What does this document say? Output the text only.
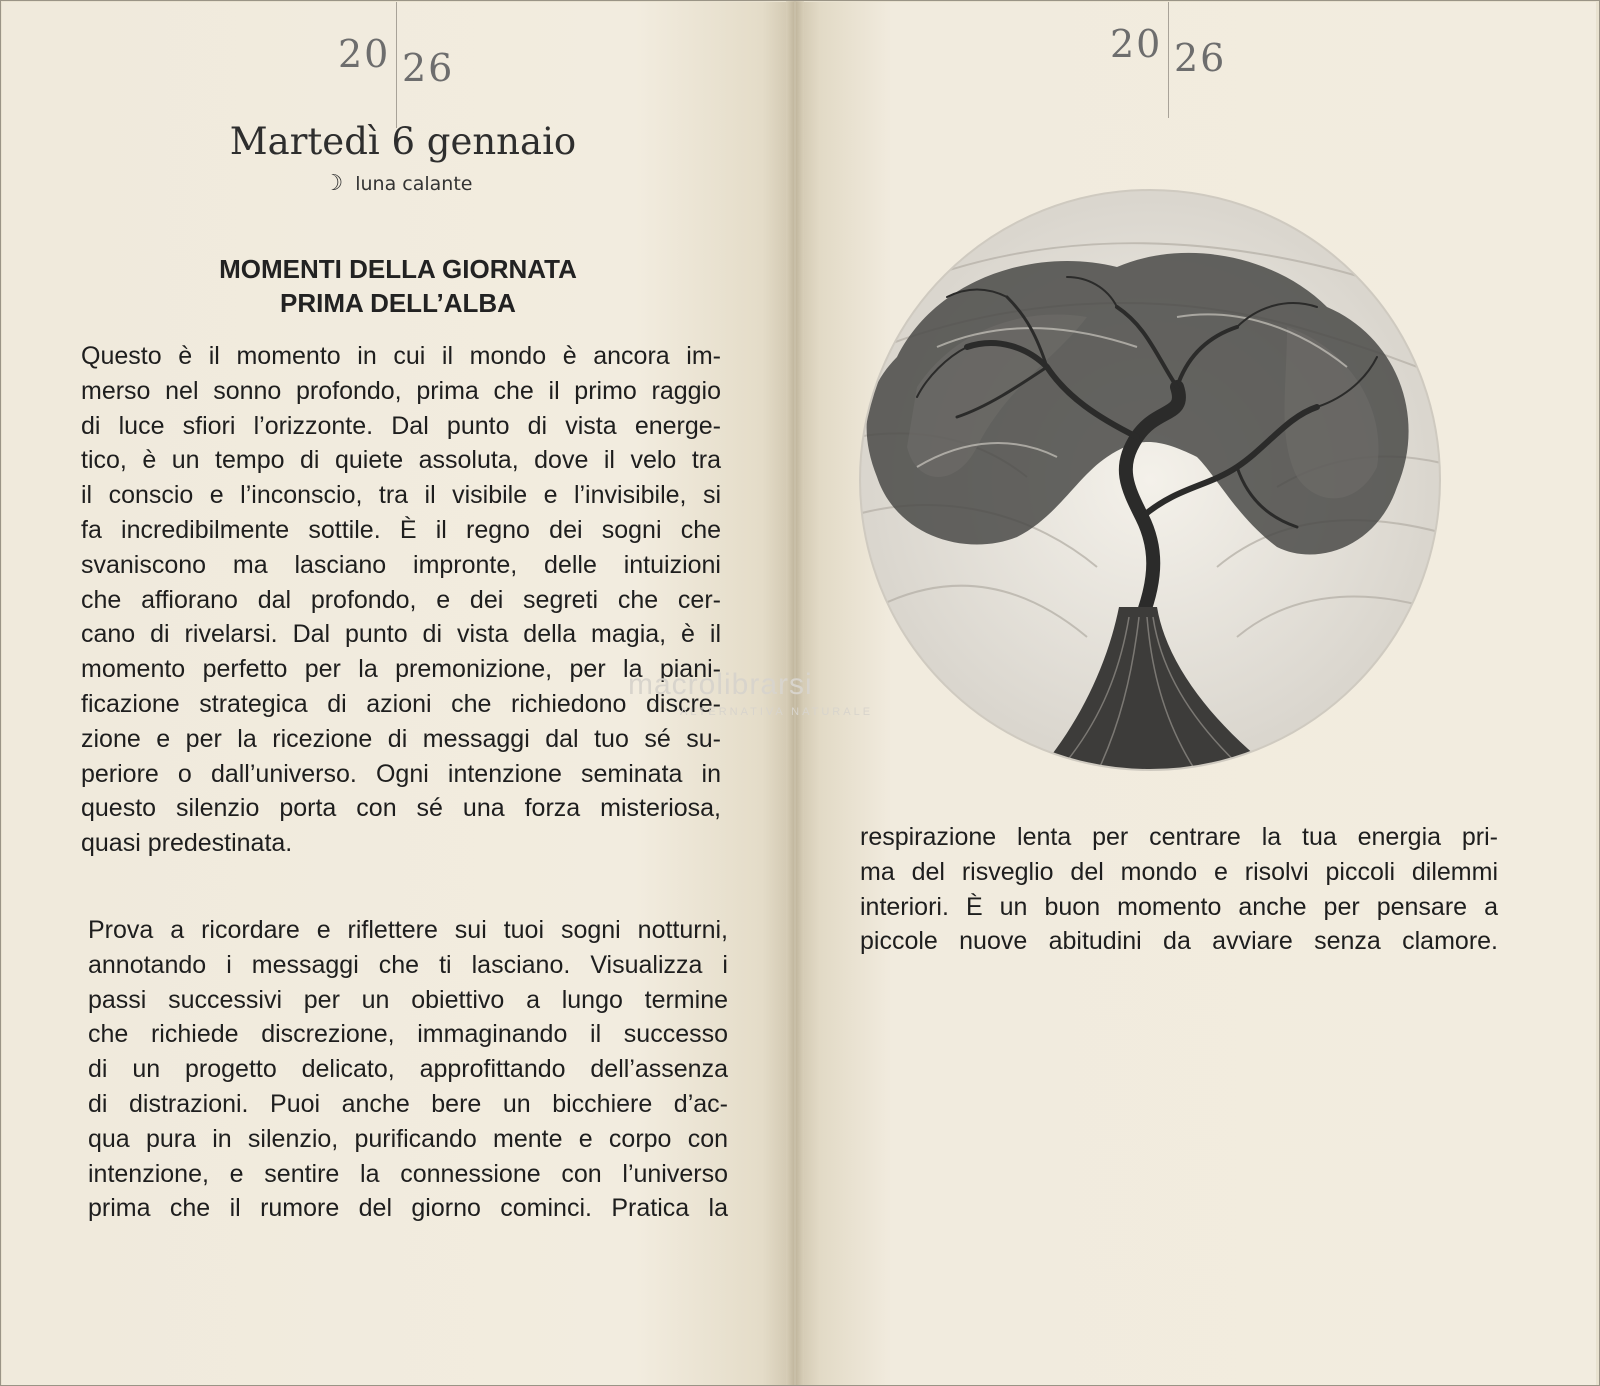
20 26
Martedì 6 gennaio
☽ luna calante
MOMENTI DELLA GIORNATA
PRIMA DELL’ALBA
Questo è il momento in cui il mondo è ancora im-
merso nel sonno profondo, prima che il primo raggio
di luce sfiori l’orizzonte. Dal punto di vista energe-
tico, è un tempo di quiete assoluta, dove il velo tra
il conscio e l’inconscio, tra il visibile e l’invisibile, si
fa incredibilmente sottile. È il regno dei sogni che
svaniscono ma lasciano impronte, delle intuizioni
che affiorano dal profondo, e dei segreti che cer-
cano di rivelarsi. Dal punto di vista della magia, è il
momento perfetto per la premonizione, per la piani-
ficazione strategica di azioni che richiedono discre-
zione e per la ricezione di messaggi dal tuo sé su-
periore o dall’universo. Ogni intenzione seminata in
questo silenzio porta con sé una forza misteriosa,
quasi predestinata.
Prova a ricordare e riflettere sui tuoi sogni notturni,
annotando i messaggi che ti lasciano. Visualizza i
passi successivi per un obiettivo a lungo termine
che richiede discrezione, immaginando il successo
di un progetto delicato, approfittando dell’assenza
di distrazioni. Puoi anche bere un bicchiere d’ac-
qua pura in silenzio, purificando mente e corpo con
intenzione, e sentire la connessione con l’universo
prima che il rumore del giorno cominci. Pratica la
20 26
respirazione lenta per centrare la tua energia pri-
ma del risveglio del mondo e risolvi piccoli dilemmi
interiori. È un buon momento anche per pensare a
piccole nuove abitudini da avviare senza clamore.
macrolibrarsi
ALTERNATIVA NATURALE
